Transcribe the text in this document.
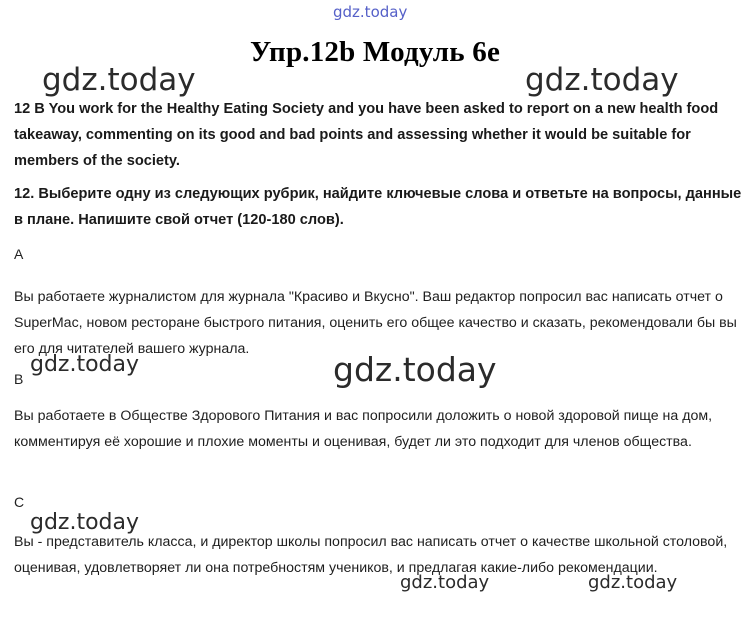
gdz.today
Упр.12b Модуль 6е
gdz.today	gdz.today
12 B You work for the Healthy Eating Society and you have been asked to report on a new health food takeaway, commenting on its good and bad points and assessing whether it would be suitable for members of the society.
12. Выберите одну из следующих рубрик, найдите ключевые слова и ответьте на вопросы, данные в плане. Напишите свой отчет (120-180 слов).
A
Вы работаете журналистом для журнала "Красиво и Вкусно". Ваш редактор попросил вас написать отчет о SuperMac, новом ресторане быстрого питания, оценить его общее качество и сказать, рекомендовали бы вы его для читателей вашего журнала.
gdz.today	gdz.today
B
Вы работаете в Обществе Здорового Питания и вас попросили доложить о новой здоровой пище на дом, комментируя её хорошие и плохие моменты и оценивая, будет ли это подходит для членов общества.
C
gdz.today
Вы - представитель класса, и директор школы попросил вас написать отчет о качестве школьной столовой, оценивая, удовлетворяет ли она потребностям учеников, и предлагая какие-либо рекомендации.
gdz.today	gdz.today
